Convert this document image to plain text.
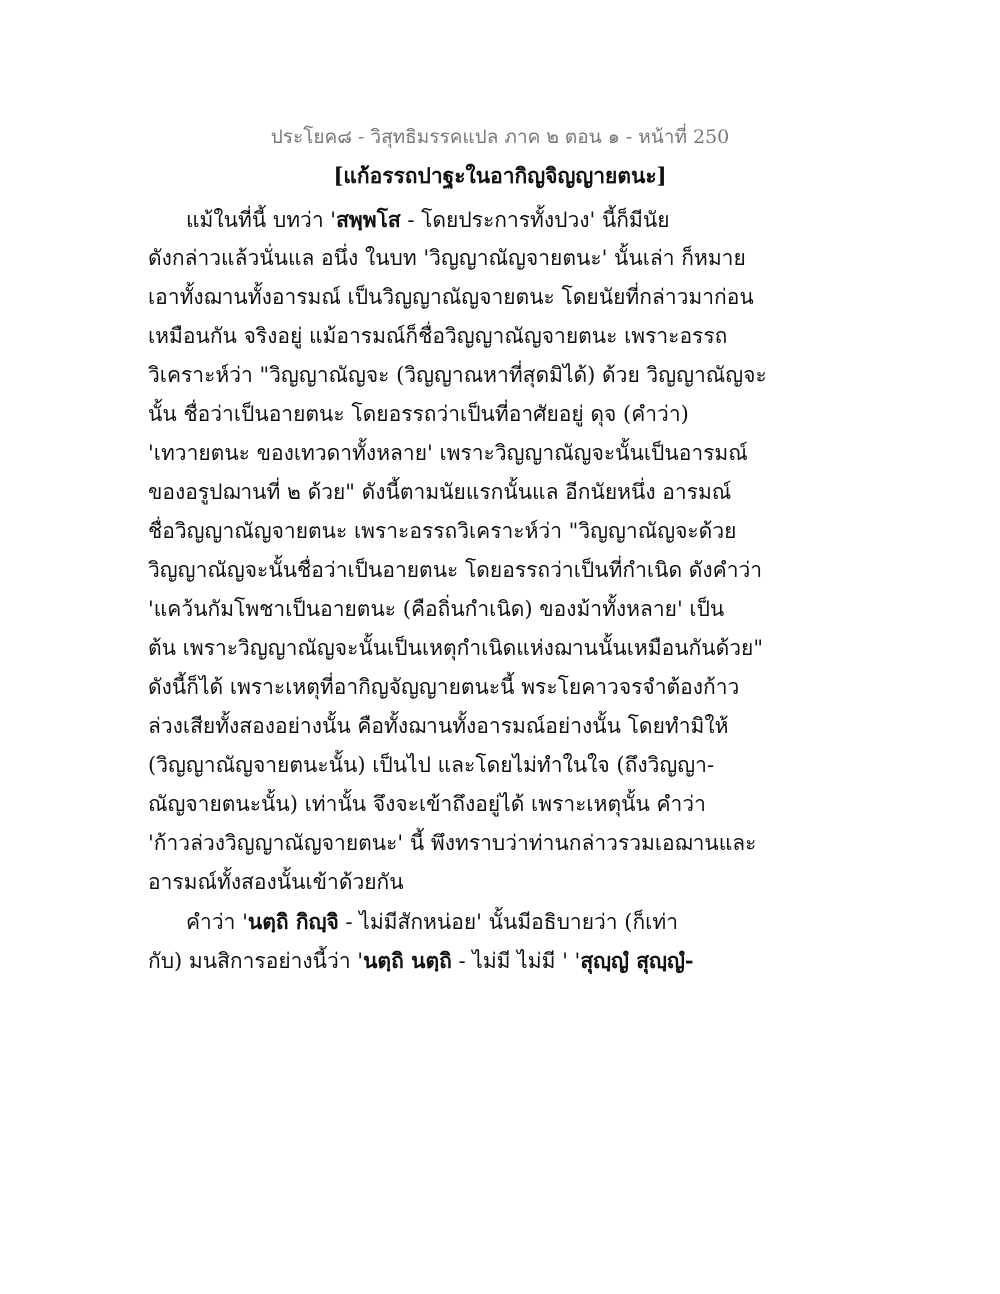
ประโยค๘ - วิสุทธิมรรคแปล ภาค ๒ ตอน ๑ - หน้าที่ 250
[แก้อรรถปาฐะในอากิญจิญญายตนะ]
แม้ในที่นี้ บทว่า 'สพฺพโส - โดยประการทั้งปวง' นี้ก็มีนัย
ดังกล่าวแล้วนั่นแล อนึ่ง ในบท 'วิญญาณัญจายตนะ' นั้นเล่า ก็หมาย
เอาทั้งฌานทั้งอารมณ์ เป็นวิญญาณัญจายตนะ โดยนัยที่กล่าวมาก่อน
เหมือนกัน จริงอยู่ แม้อารมณ์ก็ชื่อวิญญาณัญจายตนะ เพราะอรรถ
วิเคราะห์ว่า "วิญญาณัญจะ (วิญญาณหาที่สุดมิได้) ด้วย วิญญาณัญจะ
นั้น ชื่อว่าเป็นอายตนะ โดยอรรถว่าเป็นที่อาศัยอยู่ ดุจ (คำว่า)
'เทวายตนะ ของเทวดาทั้งหลาย' เพราะวิญญาณัญจะนั้นเป็นอารมณ์
ของอรูปฌานที่ ๒ ด้วย" ดังนี้ตามนัยแรกนั้นแล อีกนัยหนึ่ง อารมณ์
ชื่อวิญญาณัญจายตนะ เพราะอรรถวิเคราะห์ว่า "วิญญาณัญจะด้วย
วิญญาณัญจะนั้นชื่อว่าเป็นอายตนะ โดยอรรถว่าเป็นที่กำเนิด ดังคำว่า
'แคว้นกัมโพชาเป็นอายตนะ (คือถิ่นกำเนิด) ของม้าทั้งหลาย' เป็น
ต้น เพราะวิญญาณัญจะนั้นเป็นเหตุกำเนิดแห่งฌานนั้นเหมือนกันด้วย"
ดังนี้ก็ได้ เพราะเหตุที่อากิญจัญญายตนะนี้ พระโยคาวจรจำต้องก้าว
ล่วงเสียทั้งสองอย่างนั้น คือทั้งฌานทั้งอารมณ์อย่างนั้น โดยทำมิให้
(วิญญาณัญจายตนะนั้น) เป็นไป และโดยไม่ทำในใจ (ถึงวิญญา-
ณัญจายตนะนั้น) เท่านั้น จึงจะเข้าถึงอยู่ได้ เพราะเหตุนั้น คำว่า
'ก้าวล่วงวิญญาณัญจายตนะ' นี้ พึงทราบว่าท่านกล่าวรวมเอฌานและ
อารมณ์ทั้งสองนั้นเข้าด้วยกัน
คำว่า 'นตฺถิ กิญฺจิ - ไม่มีสักหน่อย' นั้นมีอธิบายว่า (ก็เท่า
กับ) มนสิการอย่างนี้ว่า 'นตฺถิ นตฺถิ - ไม่มี ไม่มี ' 'สุญฺญํ สุญฺญํ-
